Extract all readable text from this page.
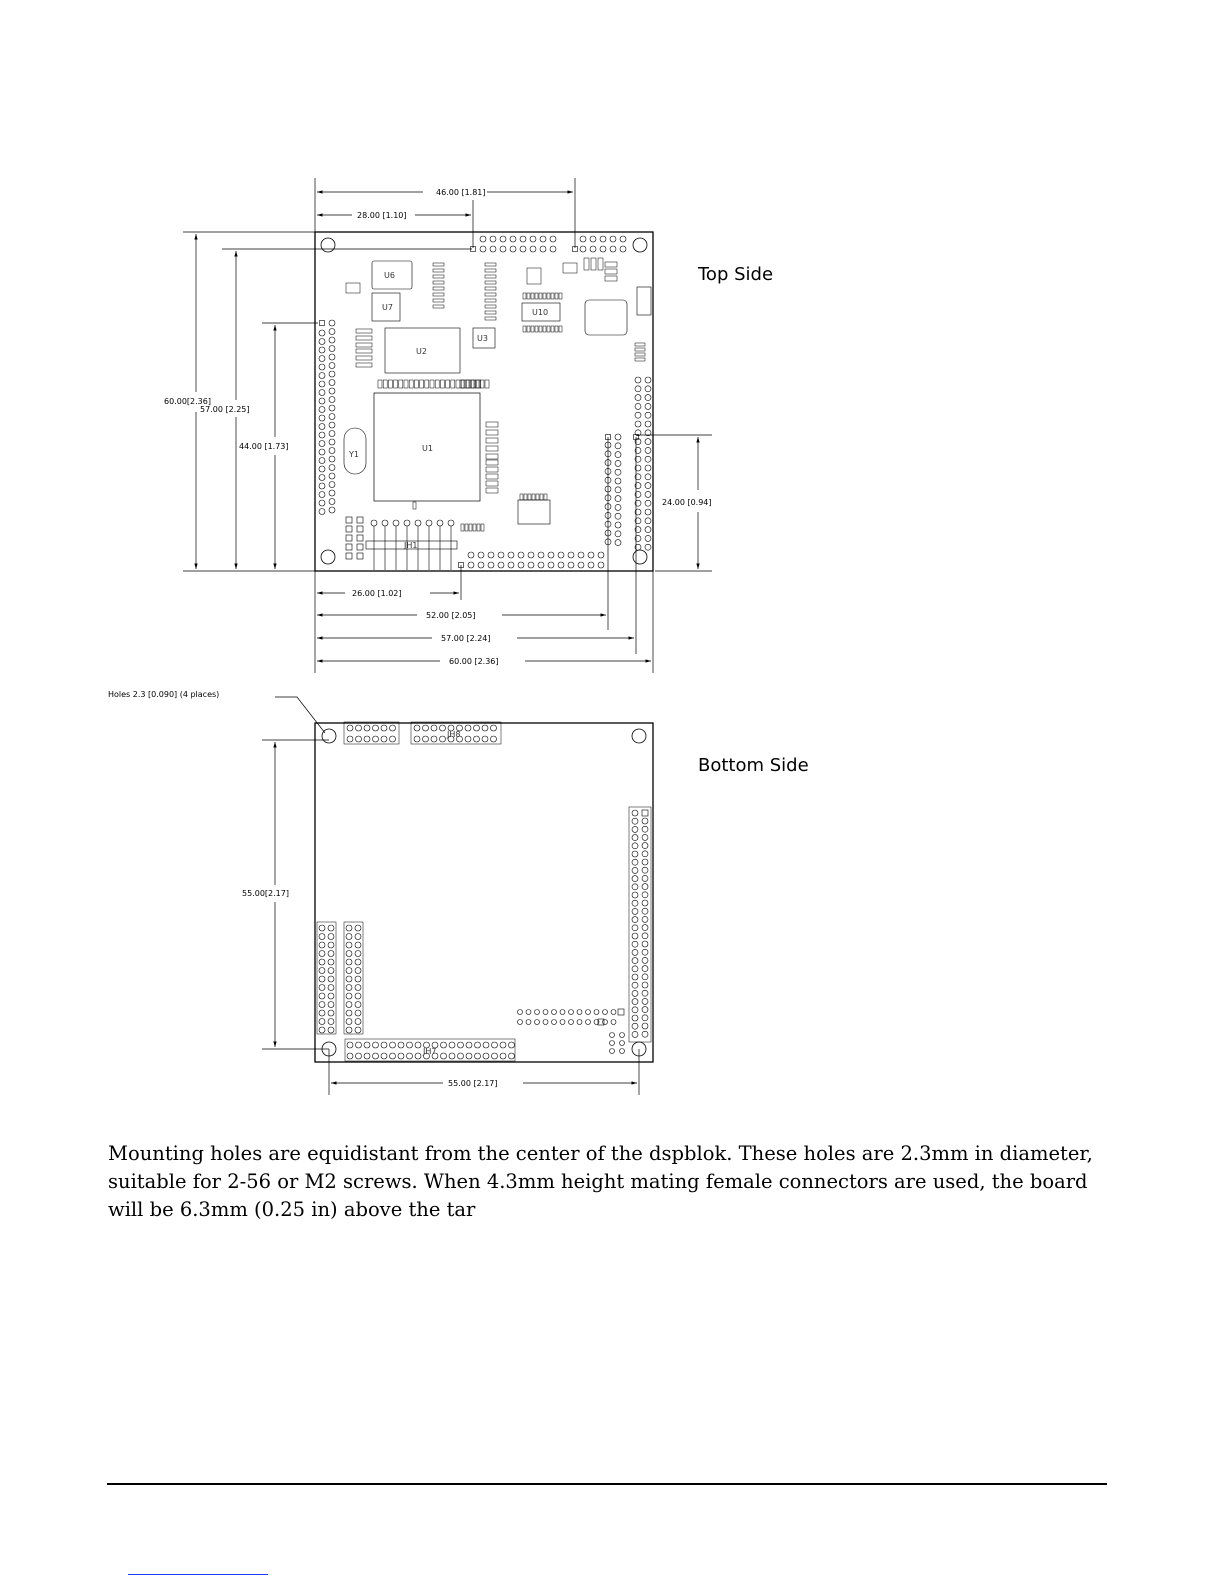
U6
U7
U2
U3
U1
U10
Y1
JH1
46.00 [1.81]
28.00 [1.10]
60.00[2.36]
57.00 [2.25]
44.00 [1.73]
24.00 [0.94]
26.00 [1.02]
52.00 [2.05]
57.00 [2.24]
60.00 [2.36]
JH8
JH7
Holes 2.3 [0.090] (4 places)
55.00[2.17]
55.00 [2.17]
Top Side
Bottom Side
Mounting holes are equidistant from the center of the dspblok. These holes are 2.3mm in diameter, suitable for 2-56 or M2 screws. When 4.3mm height mating female connectors are used, the board will be 6.3mm (0.25 in) above the tar
